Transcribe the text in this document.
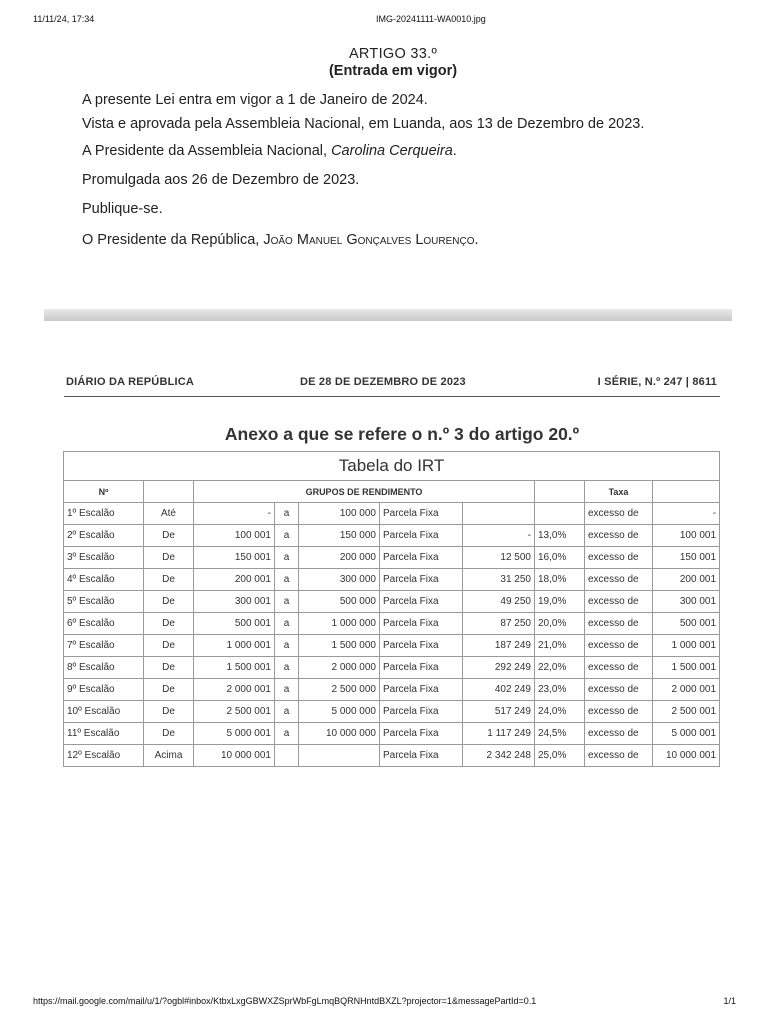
11/11/24, 17:34	IMG-20241111-WA0010.jpg
ARTIGO 33.º
(Entrada em vigor)

A presente Lei entra em vigor a 1 de Janeiro de 2024.

Vista e aprovada pela Assembleia Nacional, em Luanda, aos 13 de Dezembro de 2023.

A Presidente da Assembleia Nacional, Carolina Cerqueira.

Promulgada aos 26 de Dezembro de 2023.

Publique-se.

O Presidente da República, João Manuel Gonçalves Lourenço.

DIÁRIO DA REPÚBLICA	DE 28 DE DEZEMBRO DE 2023	I SÉRIE, N.º 247 | 8611
Anexo a que se refere o n.º 3 do artigo 20.º
Tabela do IRT									
Nº		GRUPOS DE RENDIMENTO						Taxa	
1º Escalão	Até	-	a	100 000	Parcela Fixa			excesso de	-
2º Escalão	De	100 001	a	150 000	Parcela Fixa	-	13,0%	excesso de	100 001
3º Escalão	De	150 001	a	200 000	Parcela Fixa	12 500	16,0%	excesso de	150 001
4º Escalão	De	200 001	a	300 000	Parcela Fixa	31 250	18,0%	excesso de	200 001
5º Escalão	De	300 001	a	500 000	Parcela Fixa	49 250	19,0%	excesso de	300 001
6º Escalão	De	500 001	a	1 000 000	Parcela Fixa	87 250	20,0%	excesso de	500 001
7º Escalão	De	1 000 001	a	1 500 000	Parcela Fixa	187 249	21,0%	excesso de	1 000 001
8º Escalão	De	1 500 001	a	2 000 000	Parcela Fixa	292 249	22,0%	excesso de	1 500 001
9º Escalão	De	2 000 001	a	2 500 000	Parcela Fixa	402 249	23,0%	excesso de	2 000 001
10º Escalão	De	2 500 001	a	5 000 000	Parcela Fixa	517 249	24,0%	excesso de	2 500 001
11º Escalão	De	5 000 001	a	10 000 000	Parcela Fixa	1 117 249	24,5%	excesso de	5 000 001
12º Escalão	Acima	10 000 001			Parcela Fixa	2 342 248	25,0%	excesso de	10 000 001
https://mail.google.com/mail/u/1/?ogbl#inbox/KtbxLxgGBWXZSprWbFgLmqBQRNHntdBXZL?projector=1&messagePartId=0.1	1/1
